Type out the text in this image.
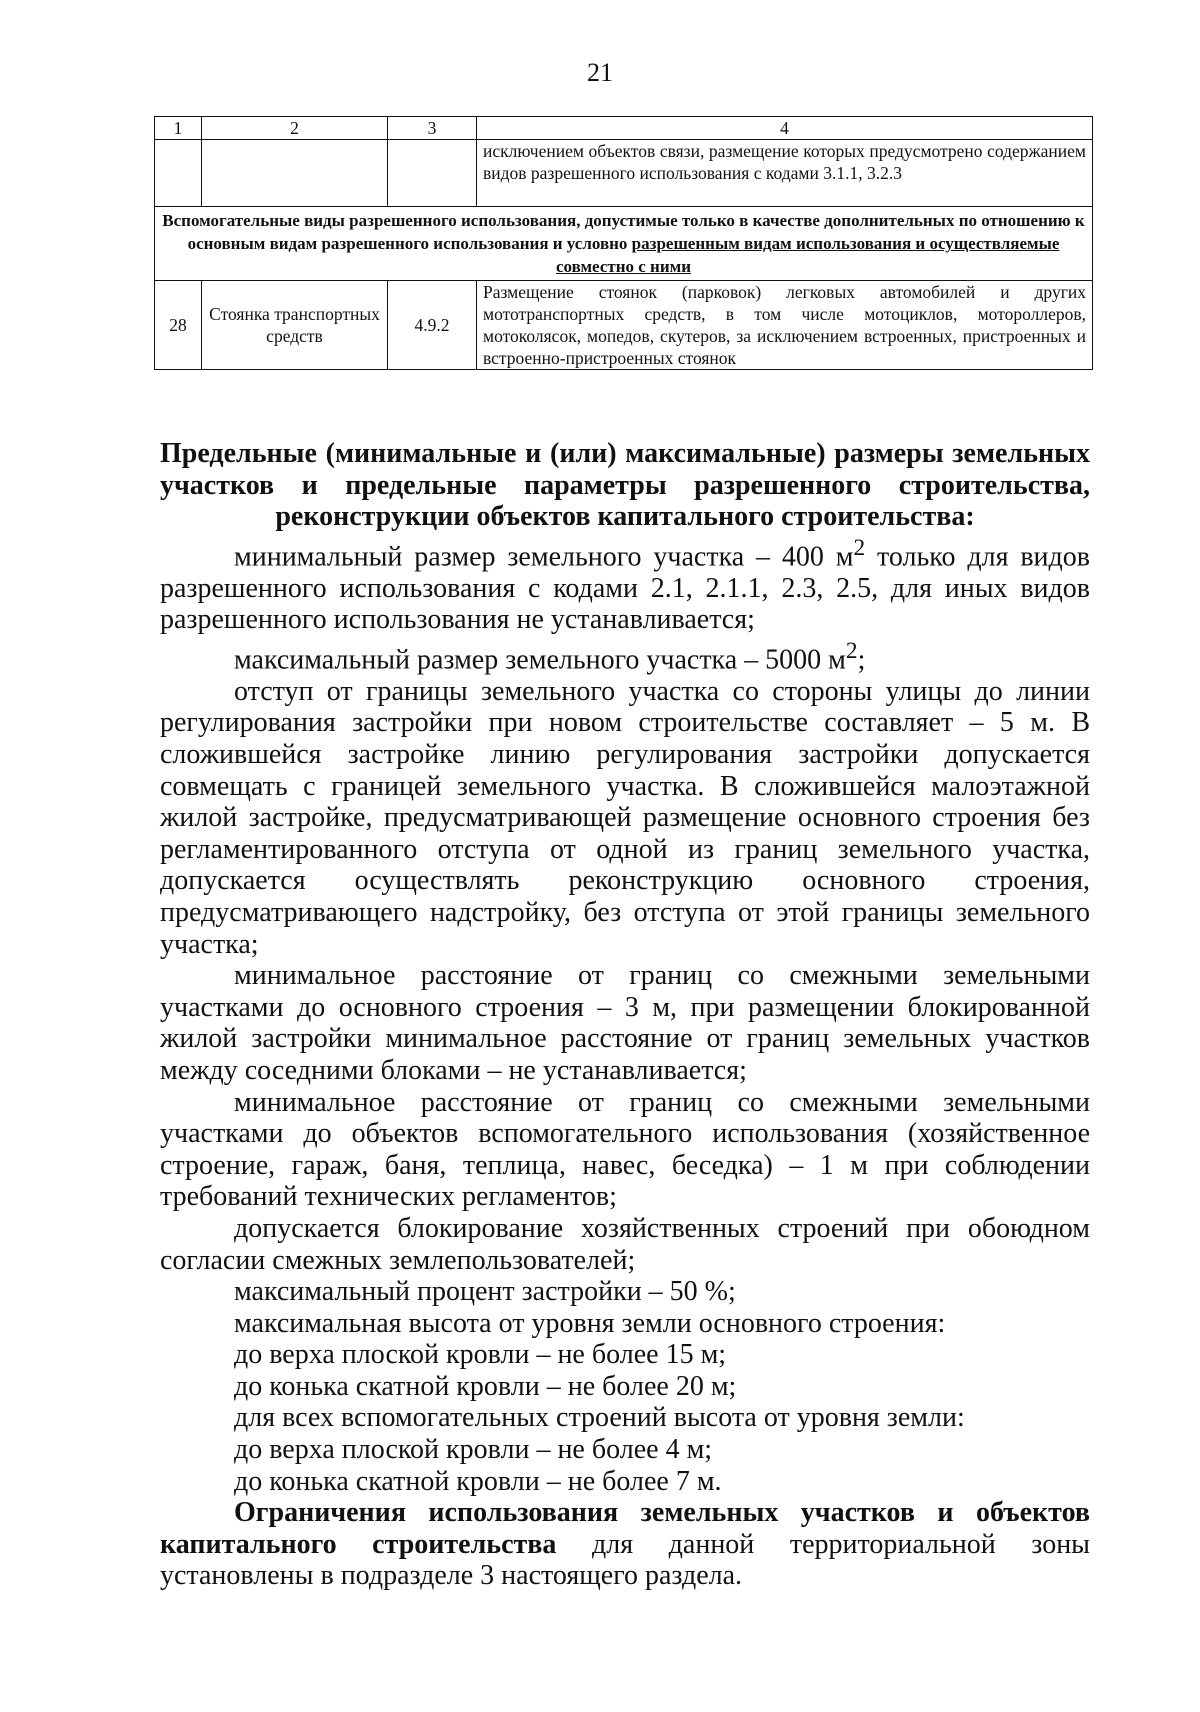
21
1	2	3	4
			исключением объектов связи, размещение которых предусмотрено содержанием видов разрешенного использования с кодами 3.1.1, 3.2.3
Вспомогательные виды разрешенного использования, допустимые только в качестве дополнительных по отношению к основным видам разрешенного использования и условно разрешенным видам использования и осуществляемые совместно с ними			
28	Стоянка транспортных средств	4.9.2	Размещение стоянок (парковок) легковых автомобилей и других мототранспортных средств, в том числе мотоциклов, мотороллеров, мотоколясок, мопедов, скутеров, за исключением встроенных, пристроенных и встроенно-пристроенных стоянок

Предельные (минимальные и (или) максимальные) размеры земельных участков и предельные параметры разрешенного строительства, реконструкции объектов капитального строительства:

минимальный размер земельного участка – 400 $м^2$ только для видов разрешенного использования с кодами 2.1, 2.1.1, 2.3, 2.5, для иных видов разрешенного использования не устанавливается;

максимальный размер земельного участка – 5000 $м^2$;

отступ от границы земельного участка со стороны улицы до линии регулирования застройки при новом строительстве составляет – 5 м. В сложившейся застройке линию регулирования застройки допускается совмещать с границей земельного участка. В сложившейся малоэтажной жилой застройке, предусматривающей размещение основного строения без регламентированного отступа от одной из границ земельного участка, допускается осуществлять реконструкцию основного строения, предусматривающего надстройку, без отступа от этой границы земельного участка;

минимальное расстояние от границ со смежными земельными участками до основного строения – 3 м, при размещении блокированной жилой застройки минимальное расстояние от границ земельных участков между соседними блоками – не устанавливается;

минимальное расстояние от границ со смежными земельными участками до объектов вспомогательного использования (хозяйственное строение, гараж, баня, теплица, навес, беседка) – 1 м при соблюдении требований технических регламентов;

допускается блокирование хозяйственных строений при обоюдном согласии смежных землепользователей;

максимальный процент застройки – 50 %;

максимальная высота от уровня земли основного строения:

до верха плоской кровли – не более 15 м;

до конька скатной кровли – не более 20 м;

для всех вспомогательных строений высота от уровня земли:

до верха плоской кровли – не более 4 м;

до конька скатной кровли – не более 7 м.

Ограничения использования земельных участков и объектов капитального строительства для данной территориальной зоны установлены в подразделе 3 настоящего раздела.
